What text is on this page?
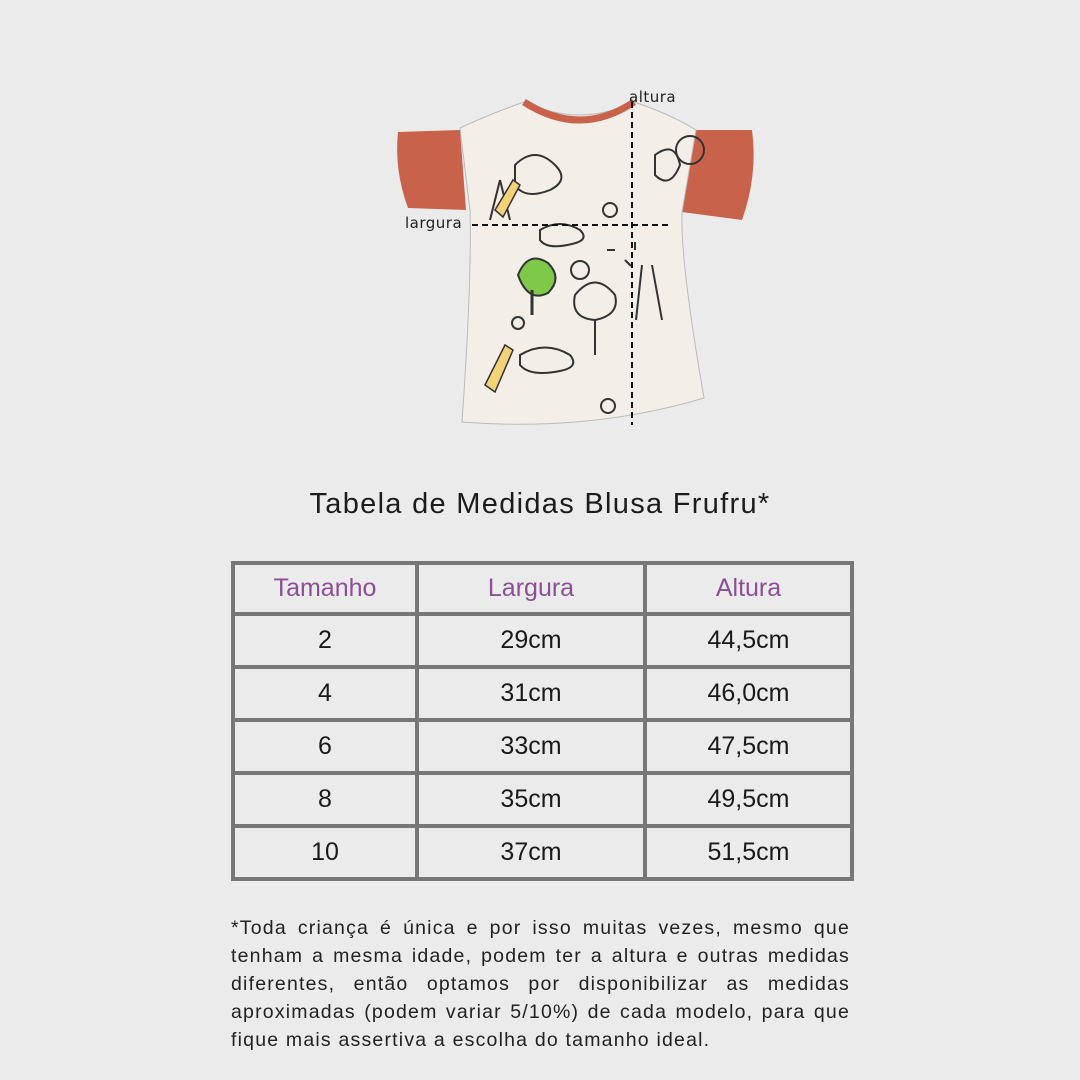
altura
largura
Tabela de Medidas Blusa Frufru*
Tamanho	Largura	Altura
2	29cm	44,5cm
4	31cm	46,0cm
6	33cm	47,5cm
8	35cm	49,5cm
10	37cm	51,5cm
*Toda criança é única e por isso muitas vezes, mesmo que tenham a mesma idade, podem ter a altura e outras medidas diferentes, então optamos por disponibilizar as medidas aproximadas (podem variar 5/10%) de cada modelo, para que fique mais assertiva a escolha do tamanho ideal.
